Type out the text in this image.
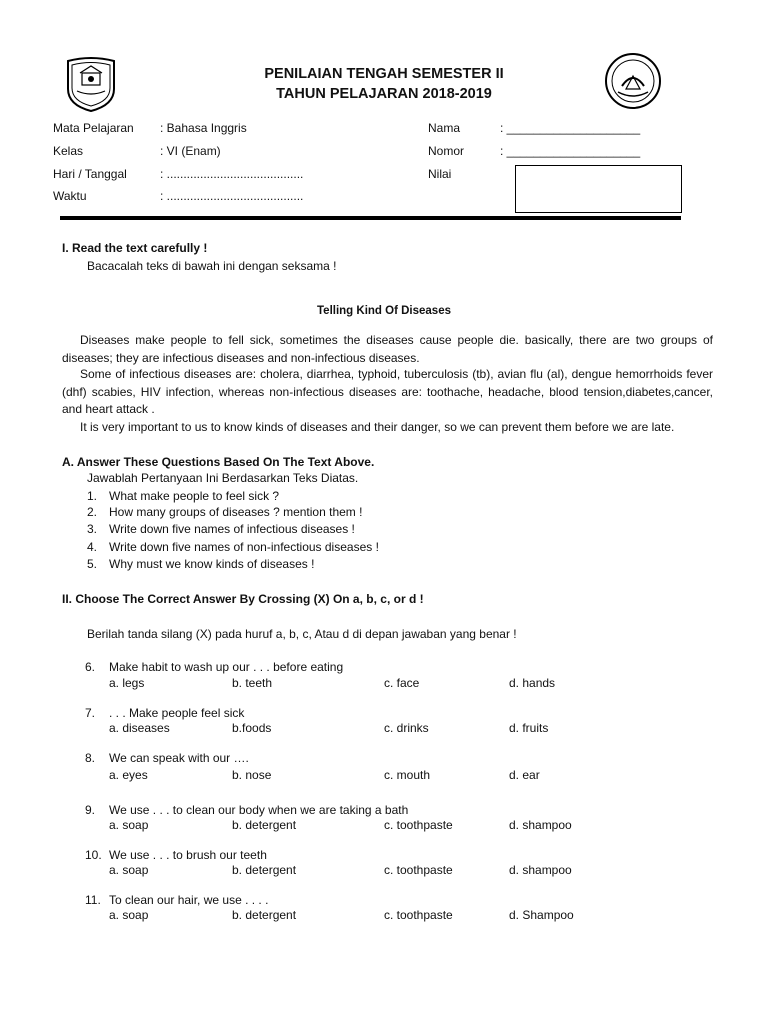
PENILAIAN TENGAH SEMESTER II
TAHUN PELAJARAN 2018-2019
Mata Pelajaran : Bahasa Inggris
Kelas	: VI (Enam)
Hari / Tanggal	: .........................................
Waktu	: .........................................
Nama	: ____________________
Nomor	: ____________________
Nilai
I. Read the text carefully !
Bacacalah teks di bawah ini dengan seksama !
Telling Kind Of Diseases
Diseases make people to fell sick, sometimes the diseases cause people die. basically, there are two groups of diseases; they are infectious diseases and non-infectious diseases.
Some of infectious diseases are: cholera, diarrhea, typhoid, tuberculosis (tb), avian flu (al), dengue hemorrhoids fever (dhf) scabies, HIV infection, whereas non-infectious diseases are: toothache, headache, blood tension,diabetes,cancer, and heart attack .
It is very important to us to know kinds of diseases and their danger, so we can prevent them before we are late.
A. Answer These Questions Based On The Text Above.
Jawablah Pertanyaan Ini Berdasarkan Teks Diatas.
1. What make people to feel sick ?
2. How many groups of diseases ? mention them !
3. Write down five names of infectious diseases !
4. Write down five names of non-infectious diseases !
5. Why must we know kinds of diseases !
II. Choose The Correct Answer By Crossing (X) On a, b, c, or d !
Berilah tanda silang (X) pada huruf a, b, c, Atau d di depan jawaban yang benar !
6. Make habit to wash up our . . . before eating
a. legs	b. teeth	c. face	d. hands
7. . . . Make people feel sick
a. diseases	b.foods	c. drinks	d. fruits
8. We can speak with our ….
a. eyes	b. nose	c. mouth	d. ear
9. We use . . . to clean our body when we are taking a bath
a. soap	b. detergent	c. toothpaste	d. shampoo
10. We use . . . to brush our teeth
a. soap	b. detergent	c. toothpaste	d. shampoo
11. To clean our hair, we use . . . .
a. soap	b. detergent	c. toothpaste	d. Shampoo
